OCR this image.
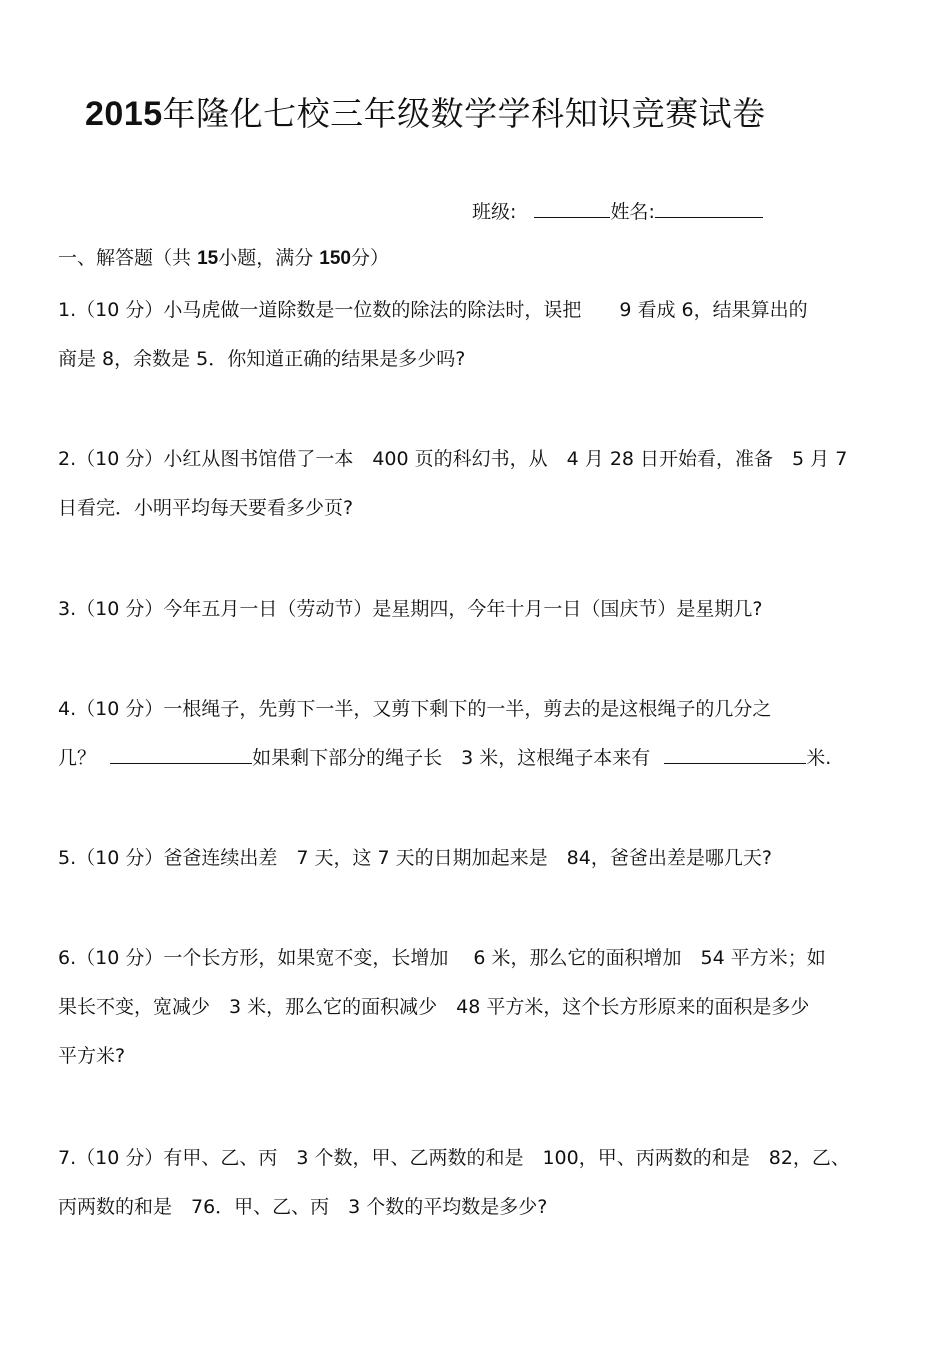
2015年隆化七校三年级数学学科知识竞赛试卷
班级:	姓名:
一、解答题（共 15小题，满分 150分）
1.（10 分）小马虎做一道除数是一位数的除法的除法时，误把　　9 看成 6，结果算出的
商是 8，余数是 5．你知道正确的结果是多少吗?
2.（10 分）小红从图书馆借了一本　400 页的科幻书，从　4 月 28 日开始看，准备　5 月 7
日看完．小明平均每天要看多少页?
3.（10 分）今年五月一日（劳动节）是星期四，今年十月一日（国庆节）是星期几?
4.（10 分）一根绳子，先剪下一半，又剪下剩下的一半，剪去的是这根绳子的几分之
几？	如果剩下部分的绳子长　3 米，这根绳子本来有	米.
5.（10 分）爸爸连续出差　7 天，这 7 天的日期加起来是　84，爸爸出差是哪几天?
6.（10 分）一个长方形，如果宽不变，长增加　 6 米，那么它的面积增加　54 平方米；如
果长不变，宽减少　3 米，那么它的面积减少　48 平方米，这个长方形原来的面积是多少
平方米?
7.（10 分）有甲、乙、丙　3 个数，甲、乙两数的和是　100，甲、丙两数的和是　82，乙、
丙两数的和是　76．甲、乙、丙　3 个数的平均数是多少?
